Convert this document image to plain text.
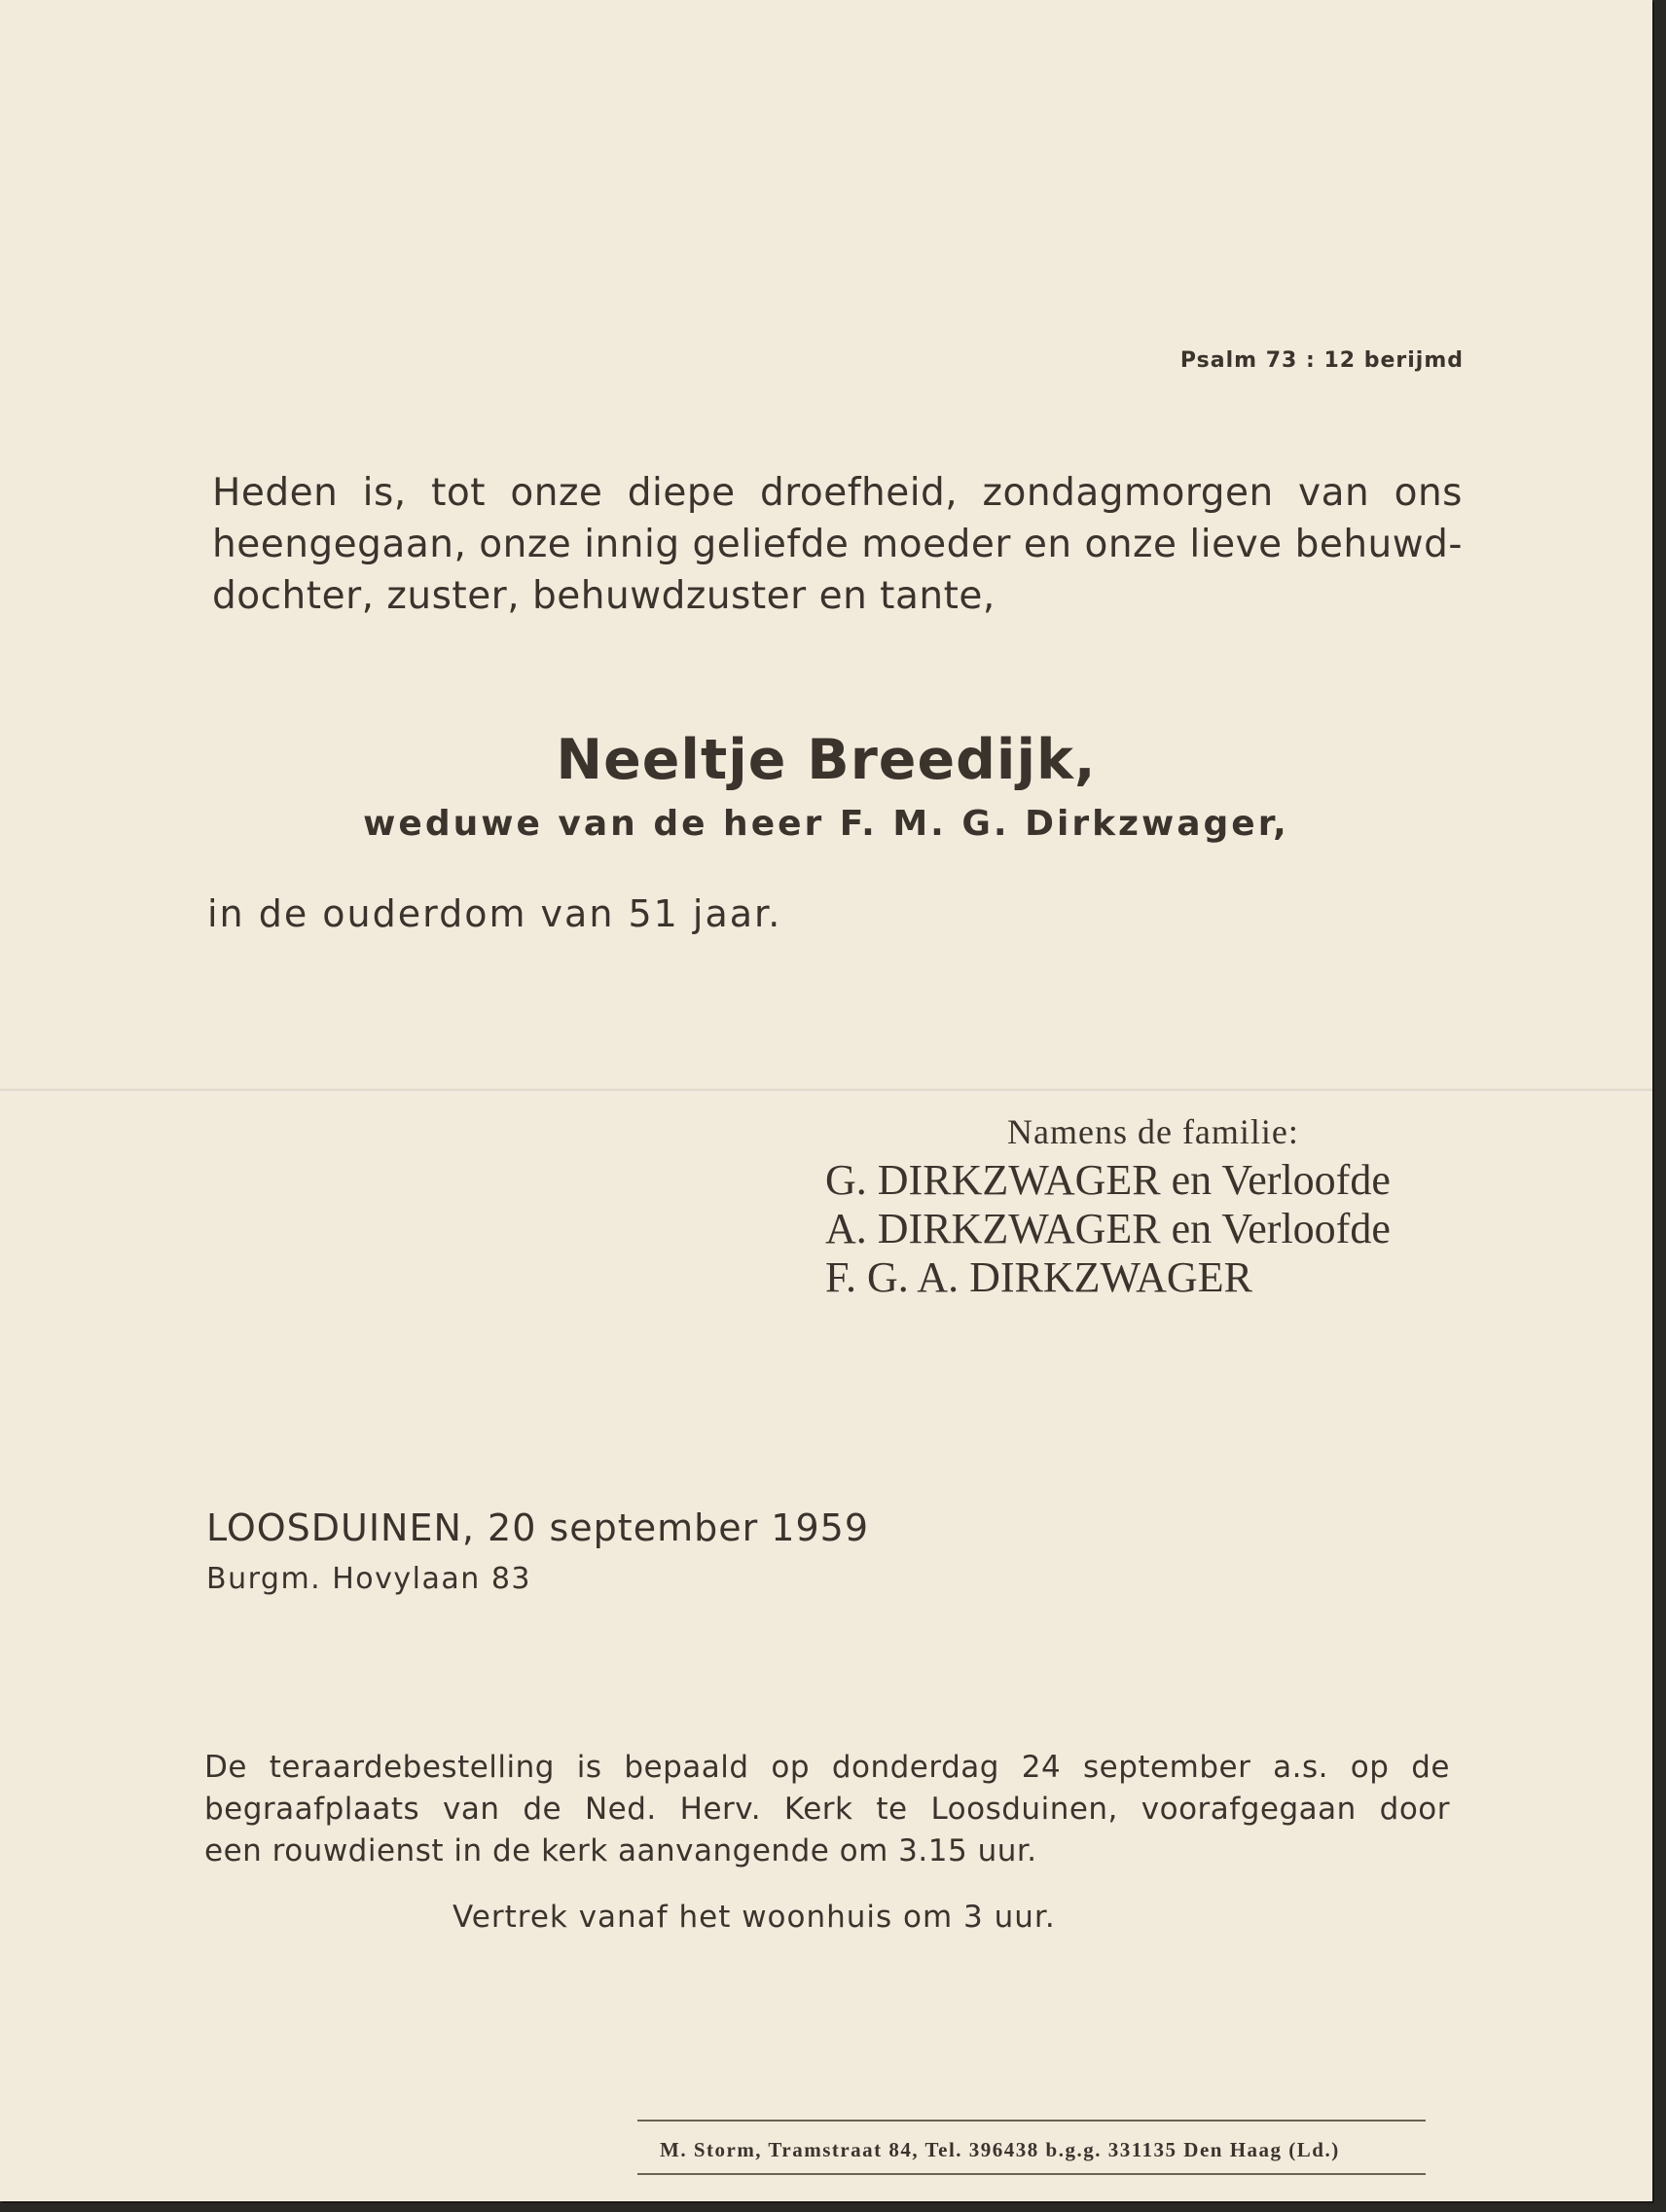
Psalm 73 : 12 berijmd
Heden is, tot onze diepe droefheid, zondagmorgen van ons
heengegaan, onze innig geliefde moeder en onze lieve behuwd-
dochter, zuster, behuwdzuster en tante,
Neeltje Breedijk,
weduwe van de heer F. M. G. Dirkzwager,
in de ouderdom van 51 jaar.
Namens de familie:
G. DIRKZWAGER en Verloofde
A. DIRKZWAGER en Verloofde
F. G. A. DIRKZWAGER
LOOSDUINEN, 20 september 1959
Burgm. Hovylaan 83
De teraardebestelling is bepaald op donderdag 24 september a.s. op de
begraafplaats van de Ned. Herv. Kerk te Loosduinen, voorafgegaan door
een rouwdienst in de kerk aanvangende om 3.15 uur.
Vertrek vanaf het woonhuis om 3 uur.
M. Storm, Tramstraat 84, Tel. 396438 b.g.g. 331135 Den Haag (Ld.)
